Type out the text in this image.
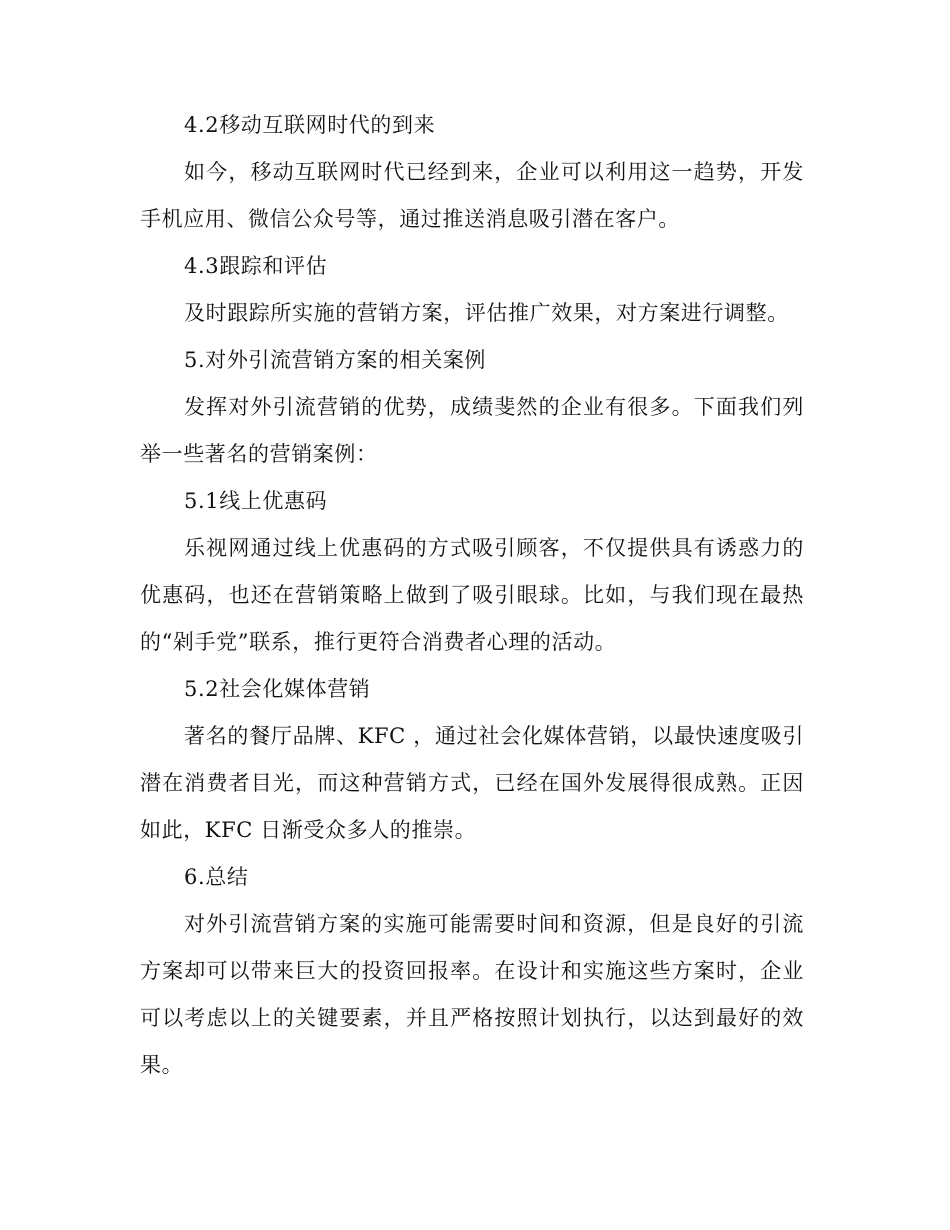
4.2移动互联网时代的到来
如今，移动互联网时代已经到来，企业可以利用这一趋势，开发手机应用、微信公众号等，通过推送消息吸引潜在客户。
4.3跟踪和评估
及时跟踪所实施的营销方案，评估推广效果，对方案进行调整。
5.对外引流营销方案的相关案例
发挥对外引流营销的优势，成绩斐然的企业有很多。下面我们列举一些著名的营销案例：
5.1线上优惠码
乐视网通过线上优惠码的方式吸引顾客，不仅提供具有诱惑力的优惠码，也还在营销策略上做到了吸引眼球。比如，与我们现在最热的“剁手党”联系，推行更符合消费者心理的活动。
5.2社会化媒体营销
著名的餐厅品牌、KFC ，通过社会化媒体营销，以最快速度吸引潜在消费者目光，而这种营销方式，已经在国外发展得很成熟。正因如此，KFC 日渐受众多人的推崇。
6.总结
对外引流营销方案的实施可能需要时间和资源，但是良好的引流方案却可以带来巨大的投资回报率。在设计和实施这些方案时，企业可以考虑以上的关键要素，并且严格按照计划执行，以达到最好的效果。
